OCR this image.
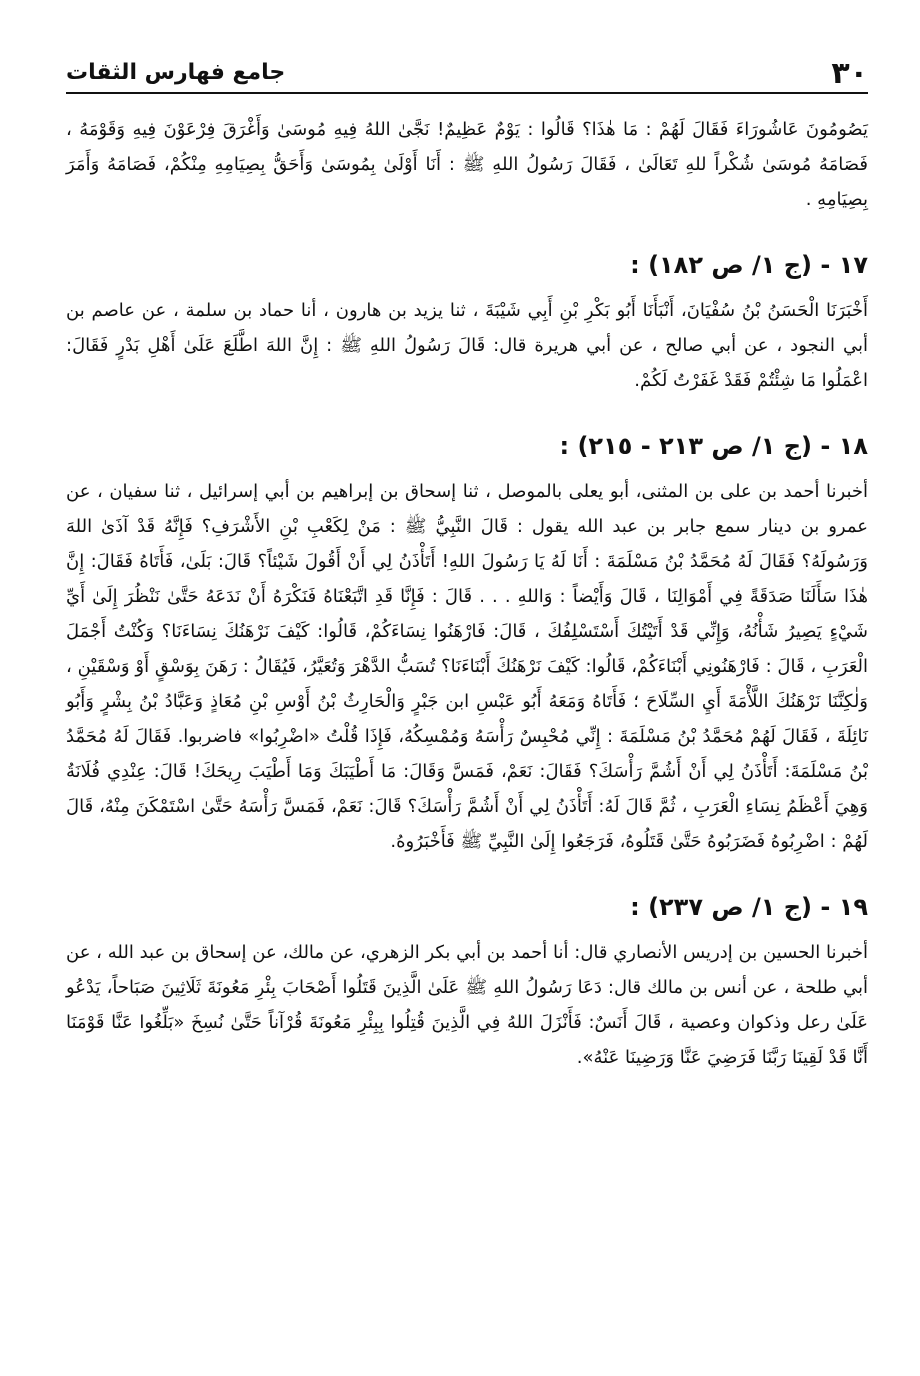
٣٠
جامع فهارس الثقات

يَصُومُونَ عَاشُورَاءَ فَقَالَ لَهُمْ : مَا هٰذَا؟ قَالُوا : يَوْمٌ عَظِيمٌ! نَجَّىٰ اللهُ فِيهِ مُوسَىٰ وَأَغْرَقَ فِرْعَوْنَ فِيهِ وَقَوْمَهُ ، فَصَامَهُ مُوسَىٰ شُكْراً للهِ تَعَالَىٰ ، فَقَالَ رَسُولُ اللهِ ﷺ : أَنَا أَوْلَىٰ بِمُوسَىٰ وَأَحَقُّ بِصِيَامِهِ مِنْكُمْ، فَصَامَهُ وَأَمَرَ بِصِيَامِهِ .

١٧ - (ج ١/ ص ١٨٢) :

أَخْبَرَنَا الْحَسَنُ بْنُ سُفْيَانَ، أَنْبَأَنَا أَبُو بَكْرِ بْنِ أَبِي شَيْبَةَ ، ثنا يزيد بن هارون ، أنا حماد بن سلمة ، عن عاصم بن أبي النجود ، عن أبي صالح ، عن أبي هريرة قال: قَالَ رَسُولُ اللهِ ﷺ : إِنَّ اللهَ اطَّلَعَ عَلَىٰ أَهْلِ بَدْرٍ فَقَالَ: اعْمَلُوا مَا شِئْتُمْ فَقَدْ غَفَرْتُ لَكُمْ.

١٨ - (ج ١/ ص ٢١٣ - ٢١٥) :

أخبرنا أحمد بن على بن المثنى، أبو يعلى بالموصل ، ثنا إسحاق بن إبراهيم بن أبي إسرائيل ، ثنا سفيان ، عن عمرو بن دينار سمع جابر بن عبد الله يقول : قَالَ النَّبِيُّ ﷺ : مَنْ لِكَعْبِ بْنِ الأَشْرَفِ؟ فَإِنَّهُ قَدْ آذَىٰ اللهَ وَرَسُولَهُ؟ فَقَالَ لَهُ مُحَمَّدُ بْنُ مَسْلَمَةَ : أَنَا لَهُ يَا رَسُولَ اللهِ! أَتَأْذَنُ لِي أَنْ أَقُولَ شَيْئاً؟ قَالَ: بَلَىٰ، فَأَتَاهُ فَقَالَ: إِنَّ هٰذَا سَأَلَنَا صَدَقَةً فِي أَمْوَالِنَا ، قَالَ وَأَيْضاً : وَاللهِ . . . قَالَ : فَإِنَّا قَدِ اتَّبَعْنَاهُ فَنَكْرَهُ أَنْ نَدَعَهُ حَتَّىٰ نَنْظُرَ إِلَىٰ أَيِّ شَيْءٍ يَصِيرُ شَأْنُهُ، وَإِنِّي قَدْ أَتَيْتُكَ أَسْتَسْلِفُكَ ، قَالَ: فَارْهَنُوا نِسَاءَكُمْ، قَالُوا: كَيْفَ نَرْهَنُكَ نِسَاءَنَا؟ وَكُنْتُ أَجْمَلَ الْعَرَبِ ، قَالَ : فَارْهَنُونِي أَبْنَاءَكُمْ، قَالُوا: كَيْفَ نَرْهَنُكَ أَبْنَاءَنَا؟ تُسَبُّ الدَّهْرَ وَتُعَيَّرُ، فَيُقَالُ : رَهَنَ بِوَسْقٍ أَوْ وَسْقَيْنِ ، وَلٰكِنَّنَا نَرْهَنُكَ اللَّأْمَةَ أَيِ السِّلَاحَ ؛ فَأَتَاهُ وَمَعَهُ أَبُو عَبْسِ ابن جَبْرٍ وَالْحَارِثُ بْنُ أَوْسِ بْنِ مُعَاذٍ وَعَبَّادُ بْنُ بِشْرٍ وَأَبُو نَائِلَةَ ، فَقَالَ لَهُمْ مُحَمَّدُ بْنُ مَسْلَمَةَ : إِنِّي مُحْبِسٌ رَأْسَهُ وَمُمْسِكُهُ، فَإِذَا قُلْتُ «اضْرِبُوا» فاضربوا. فَقَالَ لَهُ مُحَمَّدُ بْنُ مَسْلَمَةَ: أَتَأْذَنُ لِي أَنْ أَشُمَّ رَأْسَكَ؟ فَقَالَ: نَعَمْ، فَمَسَّ وَقَالَ: مَا أَطْيَبَكَ وَمَا أَطْيَبَ رِيحَكَ! قَالَ: عِنْدِي فُلَانَةُ وَهِيَ أَعْظَمُ نِسَاءِ الْعَرَبِ ، ثُمَّ قَالَ لَهُ: أَتَأْذَنُ لِي أَنْ أَشُمَّ رَأْسَكَ؟ قَالَ: نَعَمْ، فَمَسَّ رَأْسَهُ حَتَّىٰ اسْتَمْكَنَ مِنْهُ، قَالَ لَهُمْ : اضْرِبُوهُ فَضَرَبُوهُ حَتَّىٰ قَتَلُوهُ، فَرَجَعُوا إِلَىٰ النَّبِيِّ ﷺ فَأَخْبَرُوهُ.

١٩ - (ج ١/ ص ٢٣٧) :

أخبرنا الحسين بن إدريس الأنصاري قال: أنا أحمد بن أبي بكر الزهري، عن مالك، عن إسحاق بن عبد الله ، عن أبي طلحة ، عن أنس بن مالك قال: دَعَا رَسُولُ اللهِ ﷺ عَلَىٰ الَّذِينَ قَتَلُوا أَصْحَابَ بِئْرِ مَعُونَةَ ثَلَاثِينَ صَبَاحاً، يَدْعُو عَلَىٰ رعل وذكوان وعصية ، قَالَ أَنَسٌ: فَأَنْزَلَ اللهُ فِي الَّذِينَ قُتِلُوا بِبِئْرِ مَعُونَةَ قُرْآناً حَتَّىٰ نُسِخَ «بَلِّغُوا عَنَّا قَوْمَنَا أَنَّا قَدْ لَقِينَا رَبَّنَا فَرَضِيَ عَنَّا وَرَضِينَا عَنْهُ».
